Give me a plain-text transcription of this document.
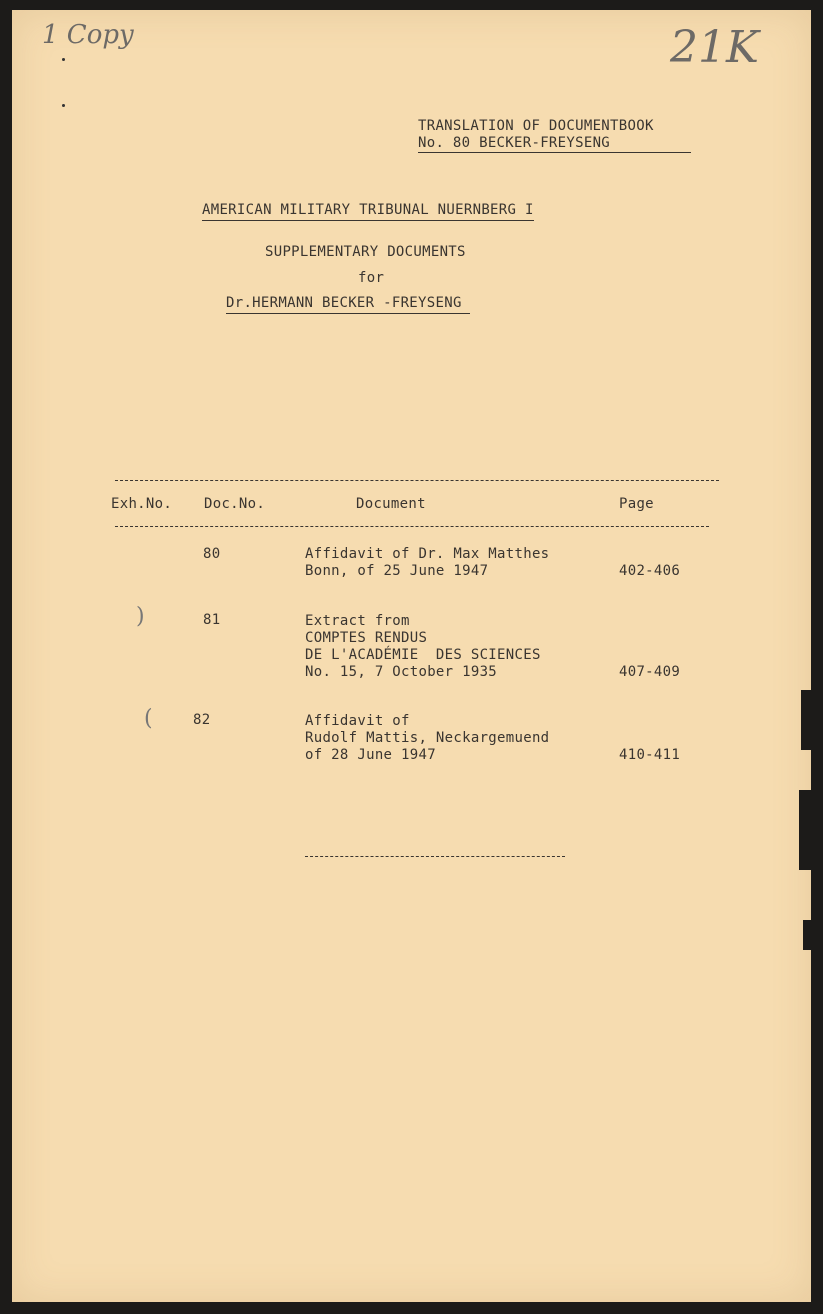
1 Copy	21K
TRANSLATION OF DOCUMENTBOOK
No. 80 BECKER-FREYSENG
AMERICAN MILITARY TRIBUNAL NUERNBERG I
SUPPLEMENTARY DOCUMENTS
for
Dr.HERMANN BECKER -FREYSENG
Exh.No. Doc.No.	Document	Page
80	Affidavit of Dr. Max Matthes
Bonn, of 25 June 1947	402-406
)	81	Extract from
COMPTES RENDUS
DE L'ACADÉMIE  DES SCIENCES
No. 15, 7 October 1935	407-409
(	82	Affidavit of
Rudolf Mattis, Neckargemuend
of 28 June 1947	410-411
